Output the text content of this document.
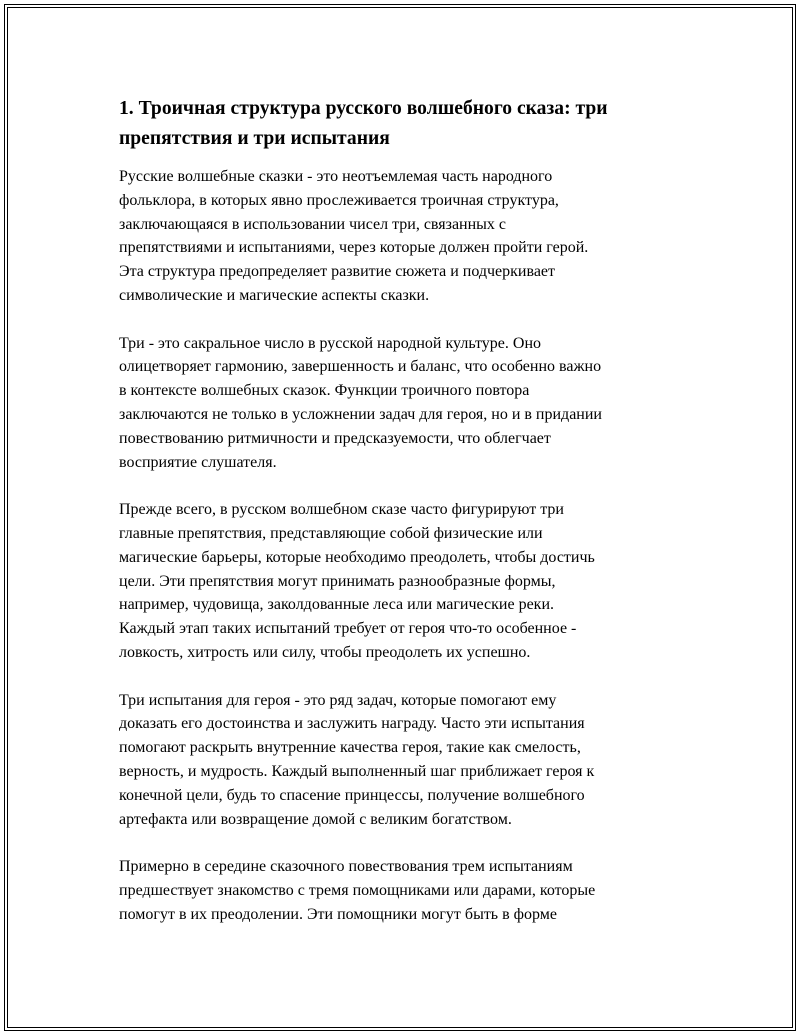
1. Троичная структура русского волшебного сказа: три
препятствия и три испытания
Русские волшебные сказки - это неотъемлемая часть народного
фольклора, в которых явно прослеживается троичная структура,
заключающаяся в использовании чисел три, связанных с
препятствиями и испытаниями, через которые должен пройти герой.
Эта структура предопределяет развитие сюжета и подчеркивает
символические и магические аспекты сказки.
Три - это сакральное число в русской народной культуре. Оно
олицетворяет гармонию, завершенность и баланс, что особенно важно
в контексте волшебных сказок. Функции троичного повтора
заключаются не только в усложнении задач для героя, но и в придании
повествованию ритмичности и предсказуемости, что облегчает
восприятие слушателя.
Прежде всего, в русском волшебном сказе часто фигурируют три
главные препятствия, представляющие собой физические или
магические барьеры, которые необходимо преодолеть, чтобы достичь
цели. Эти препятствия могут принимать разнообразные формы,
например, чудовища, заколдованные леса или магические реки.
Каждый этап таких испытаний требует от героя что-то особенное -
ловкость, хитрость или силу, чтобы преодолеть их успешно.
Три испытания для героя - это ряд задач, которые помогают ему
доказать его достоинства и заслужить награду. Часто эти испытания
помогают раскрыть внутренние качества героя, такие как смелость,
верность, и мудрость. Каждый выполненный шаг приближает героя к
конечной цели, будь то спасение принцессы, получение волшебного
артефакта или возвращение домой с великим богатством.
Примерно в середине сказочного повествования трем испытаниям
предшествует знакомство с тремя помощниками или дарами, которые
помогут в их преодолении. Эти помощники могут быть в форме
